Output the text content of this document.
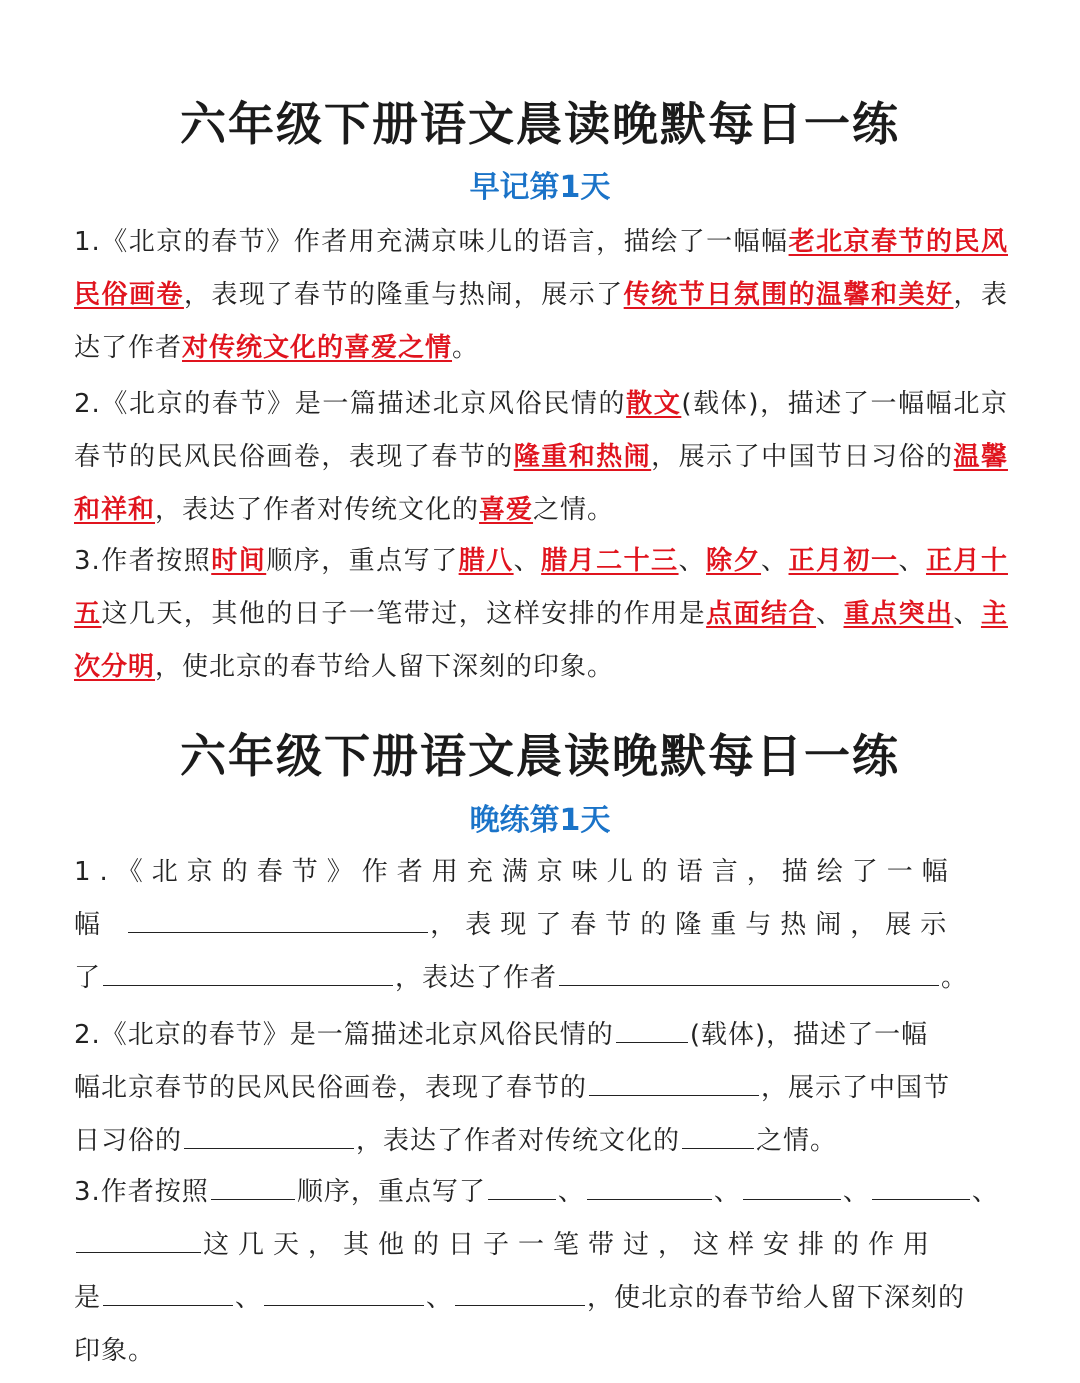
六年级下册语文晨读晚默每日一练
早记第1天
1.《北京的春节》作者用充满京味儿的语言，描绘了一幅幅老北京春节的民风民俗画卷，表现了春节的隆重与热闹，展示了传统节日氛围的温馨和美好，表达了作者对传统文化的喜爱之情。
2.《北京的春节》是一篇描述北京风俗民情的散文(载体)，描述了一幅幅北京春节的民风民俗画卷，表现了春节的隆重和热闹，展示了中国节日习俗的温馨和祥和，表达了作者对传统文化的喜爱之情。
3.作者按照时间顺序，重点写了腊八、腊月二十三、除夕、正月初一、正月十五这几天，其他的日子一笔带过，这样安排的作用是点面结合、重点突出、主次分明，使北京的春节给人留下深刻的印象。
六年级下册语文晨读晚默每日一练
晚练第1天
1.《北京的春节》作者用充满京味儿的语言，描绘了一幅
幅	，表现了春节的隆重与热闹，展示
了	，表达了作者	。
2.《北京的春节》是一篇描述北京风俗民情的	(载体)，描述了一幅
幅北京春节的民风民俗画卷，表现了春节的	，展示了中国节
日习俗的	，表达了作者对传统文化的	之情。
3.作者按照	顺序，重点写了	、	、	、	、
这几天，其他的日子一笔带过，这样安排的作用
是	、	、	，使北京的春节给人留下深刻的
印象。
